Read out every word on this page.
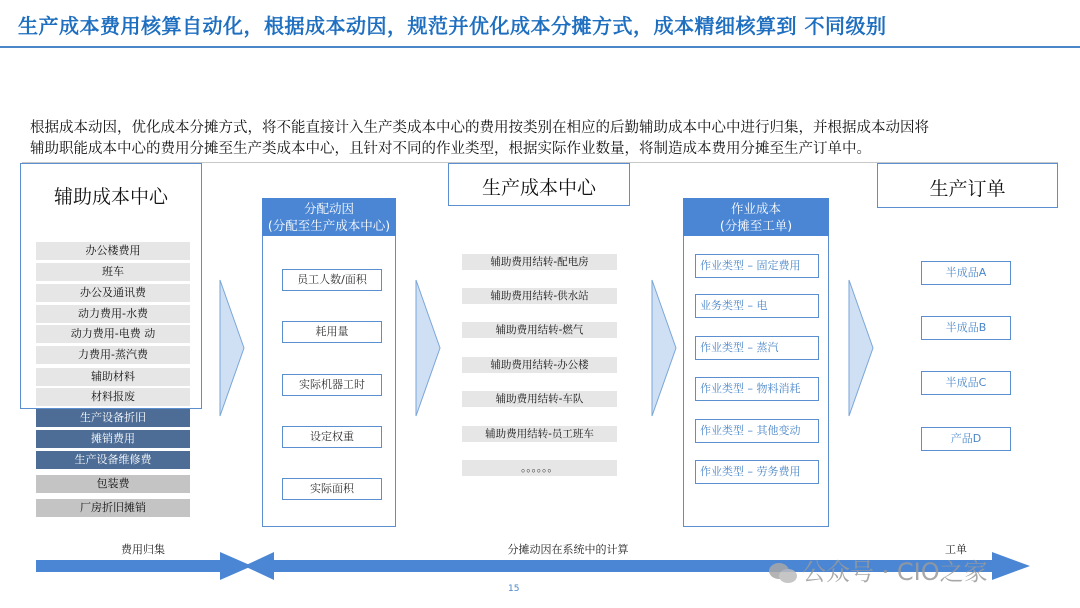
生产成本费用核算自动化，根据成本动因，规范并优化成本分摊方式，成本精细核算到 不同级别
根据成本动因，优化成本分摊方式，将不能直接计入生产类成本中心的费用按类别在相应的后勤辅助成本中心中进行归集，并根据成本动因将
辅助职能成本中心的费用分摊至生产类成本中心，且针对不同的作业类型，根据实际作业数量，将制造成本费用分摊至生产订单中。
辅助成本中心
办公楼费用
班车
办公及通讯费
动力费用-水费
动力费用-电费 动
力费用-蒸汽费
辅助材料
材料报废
生产设备折旧
摊销费用
生产设备维修费
包装费
厂房折旧摊销
分配动因
(分配至生产成本中心)
员工人数/面积
耗用量
实际机器工时
设定权重
实际面积
生产成本中心
辅助费用结转-配电房
辅助费用结转-供水站
辅助费用结转-燃气
辅助费用结转-办公楼
辅助费用结转-车队
辅助费用结转-员工班车
。。。。。。
作业成本
(分摊至工单)
作业类型 – 固定费用
业务类型 – 电
作业类型 – 蒸汽
作业类型 – 物料消耗
作业类型 – 其他变动
作业类型 – 劳务费用
生产订单
半成品A
半成品B
半成品C
产品D
费用归集	分摊动因在系统中的计算	工单
公众号 · CIO之家
15
